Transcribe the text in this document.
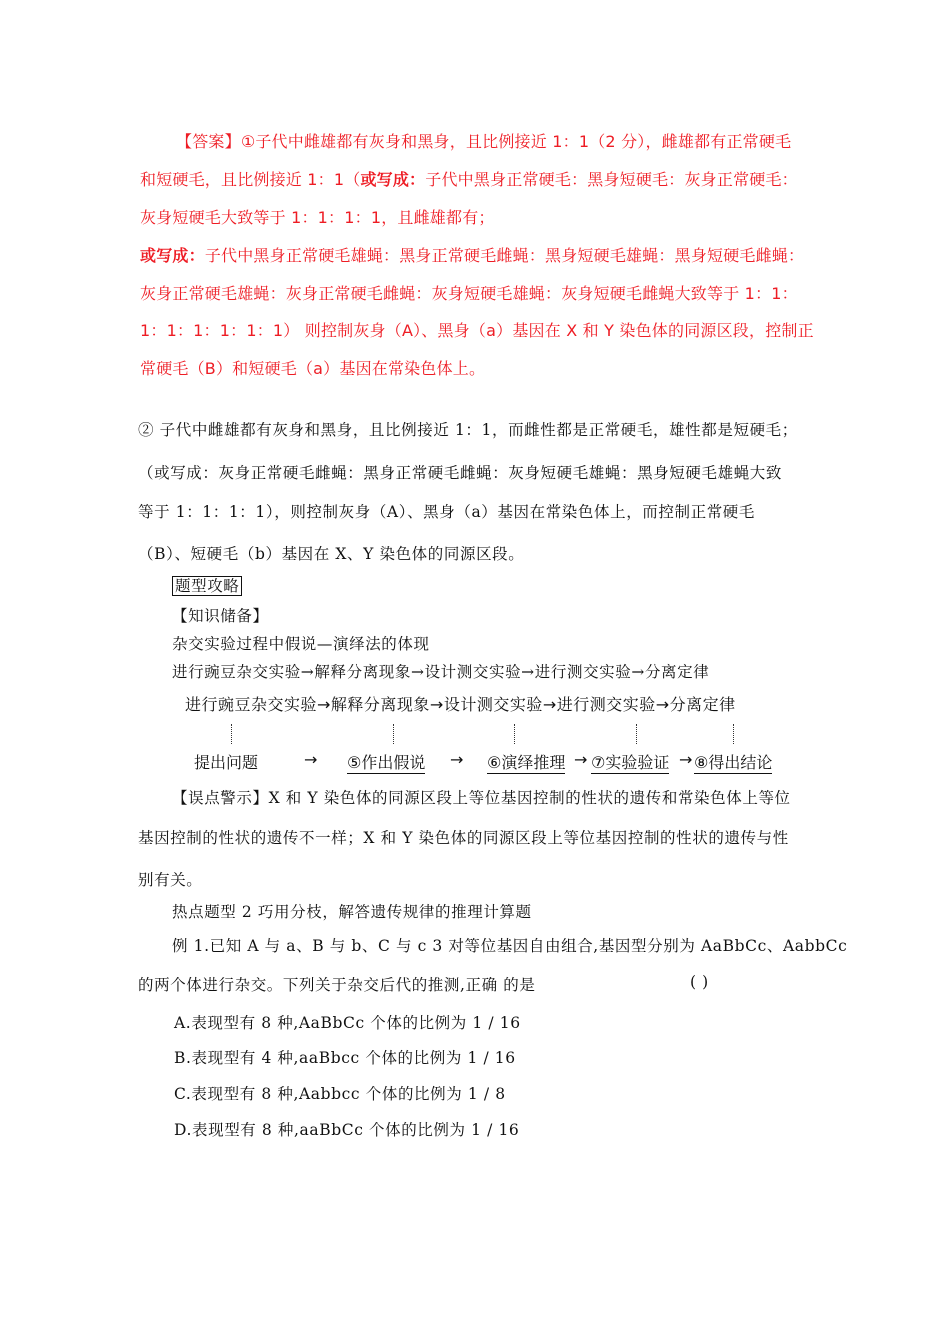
【答案】①子代中雌雄都有灰身和黑身，且比例接近 1：1（2 分），雌雄都有正常硬毛
和短硬毛，且比例接近 1：1（或写成：子代中黑身正常硬毛：黑身短硬毛：灰身正常硬毛：
灰身短硬毛大致等于 1：1：1：1，且雌雄都有；
或写成：子代中黑身正常硬毛雄蝇：黑身正常硬毛雌蝇：黑身短硬毛雄蝇：黑身短硬毛雌蝇：
灰身正常硬毛雄蝇：灰身正常硬毛雌蝇：灰身短硬毛雄蝇：灰身短硬毛雌蝇大致等于 1：1：
1：1：1：1：1：1） 则控制灰身（A）、黑身（a）基因在 X 和 Y 染色体的同源区段，控制正
常硬毛（B）和短硬毛（a）基因在常染色体上。
② 子代中雌雄都有灰身和黑身，且比例接近 1：1，而雌性都是正常硬毛，雄性都是短硬毛；
（或写成：灰身正常硬毛雌蝇：黑身正常硬毛雌蝇：灰身短硬毛雄蝇：黑身短硬毛雄蝇大致
等于 1：1：1：1），则控制灰身（A）、黑身（a）基因在常染色体上，而控制正常硬毛
（B）、短硬毛（b）基因在 X、Y 染色体的同源区段。
题型攻略
【知识储备】
杂交实验过程中假说—演绎法的体现
进行豌豆杂交实验→解释分离现象→设计测交实验→进行测交实验→分离定律
进行豌豆杂交实验→解释分离现象→设计测交实验→进行测交实验→分离定律
提出问题	→ ⑤作出假说 → ⑥演绎推理 → ⑦实验验证 → ⑧得出结论
【误点警示】X 和 Y 染色体的同源区段上等位基因控制的性状的遗传和常染色体上等位
基因控制的性状的遗传不一样；X 和 Y 染色体的同源区段上等位基因控制的性状的遗传与性
别有关。
热点题型 2 巧用分枝，解答遗传规律的推理计算题
例 1.已知 A 与 a、B 与 b、C 与 c 3 对等位基因自由组合,基因型分别为 AaBbCc、AabbCc
的两个体进行杂交。下列关于杂交后代的推测,正确 的是	( )
A.表现型有 8 种,AaBbCc 个体的比例为 1 / 16
B.表现型有 4 种,aaBbcc 个体的比例为 1 / 16
C.表现型有 8 种,Aabbcc 个体的比例为 1 / 8
D.表现型有 8 种,aaBbCc 个体的比例为 1 / 16
